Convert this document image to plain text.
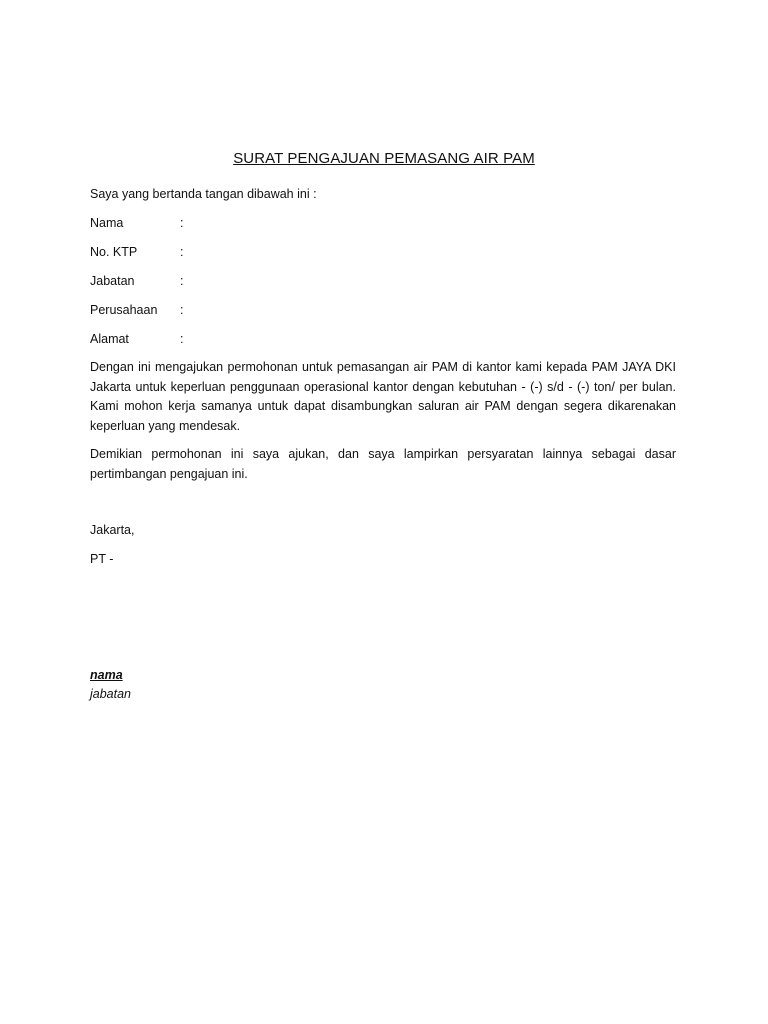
SURAT PENGAJUAN PEMASANG AIR PAM
Saya yang bertanda tangan dibawah ini :
Nama	:
No. KTP	:
Jabatan	:
Perusahaan :
Alamat	:

Dengan ini mengajukan permohonan untuk pemasangan air PAM di kantor kami kepada PAM JAYA DKI Jakarta untuk keperluan penggunaan operasional kantor dengan kebutuhan - (-) s/d - (-) ton/ per bulan. Kami mohon kerja samanya untuk dapat disambungkan saluran air PAM dengan segera dikarenakan keperluan yang mendesak.

Demikian permohonan ini saya ajukan, dan saya lampirkan persyaratan lainnya sebagai dasar pertimbangan pengajuan ini.

Jakarta,
PT -
nama
jabatan
